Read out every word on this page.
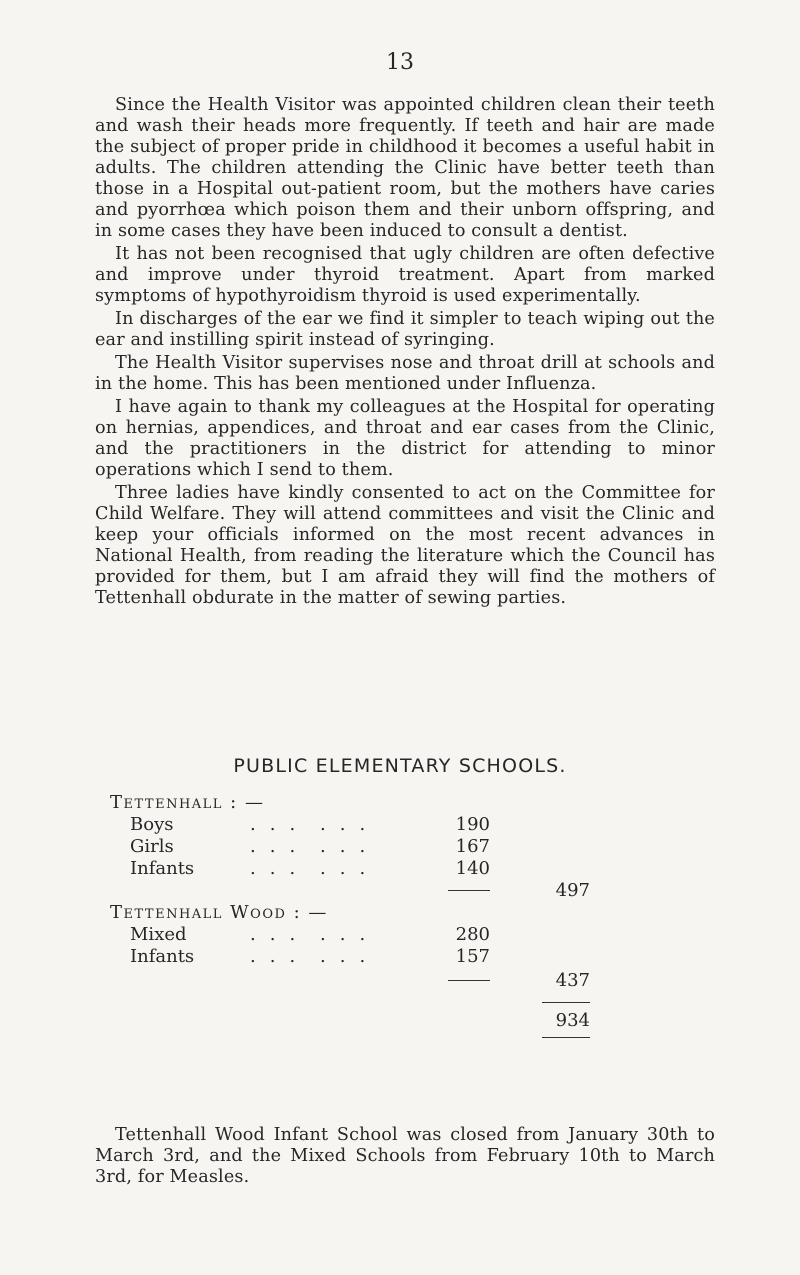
13

Since the Health Visitor was appointed children clean their teeth and wash their heads more frequently. If teeth and hair are made the subject of proper pride in childhood it becomes a useful habit in adults. The children attending the Clinic have better teeth than those in a Hospital out-patient room, but the mothers have caries and pyorrhœa which poison them and their unborn offspring, and in some cases they have been induced to consult a dentist.

It has not been recognised that ugly children are often defective and improve under thyroid treatment. Apart from marked symptoms of hypothyroidism thyroid is used experimentally.

In discharges of the ear we find it simpler to teach wiping out the ear and instilling spirit instead of syringing.

The Health Visitor supervises nose and throat drill at schools and in the home. This has been mentioned under Influenza.

I have again to thank my colleagues at the Hospital for operating on hernias, appendices, and throat and ear cases from the Clinic, and the practitioners in the district for attending to minor operations which I send to them.

Three ladies have kindly consented to act on the Committee for Child Welfare. They will attend committees and visit the Clinic and keep your officials informed on the most recent advances in National Health, from reading the literature which the Council has provided for them, but I am afraid they will find the mothers of Tettenhall obdurate in the matter of sewing parties.

PUBLIC ELEMENTARY SCHOOLS.
Tettenhall : —
Boys	... ...	190
Girls	... ...	167
Infants	... ...	140
497
Tettenhall Wood : —
Mixed	... ...	280
Infants	... ...	157
437
934

Tettenhall Wood Infant School was closed from January 30th to March 3rd, and the Mixed Schools from February 10th to March 3rd, for Measles.
